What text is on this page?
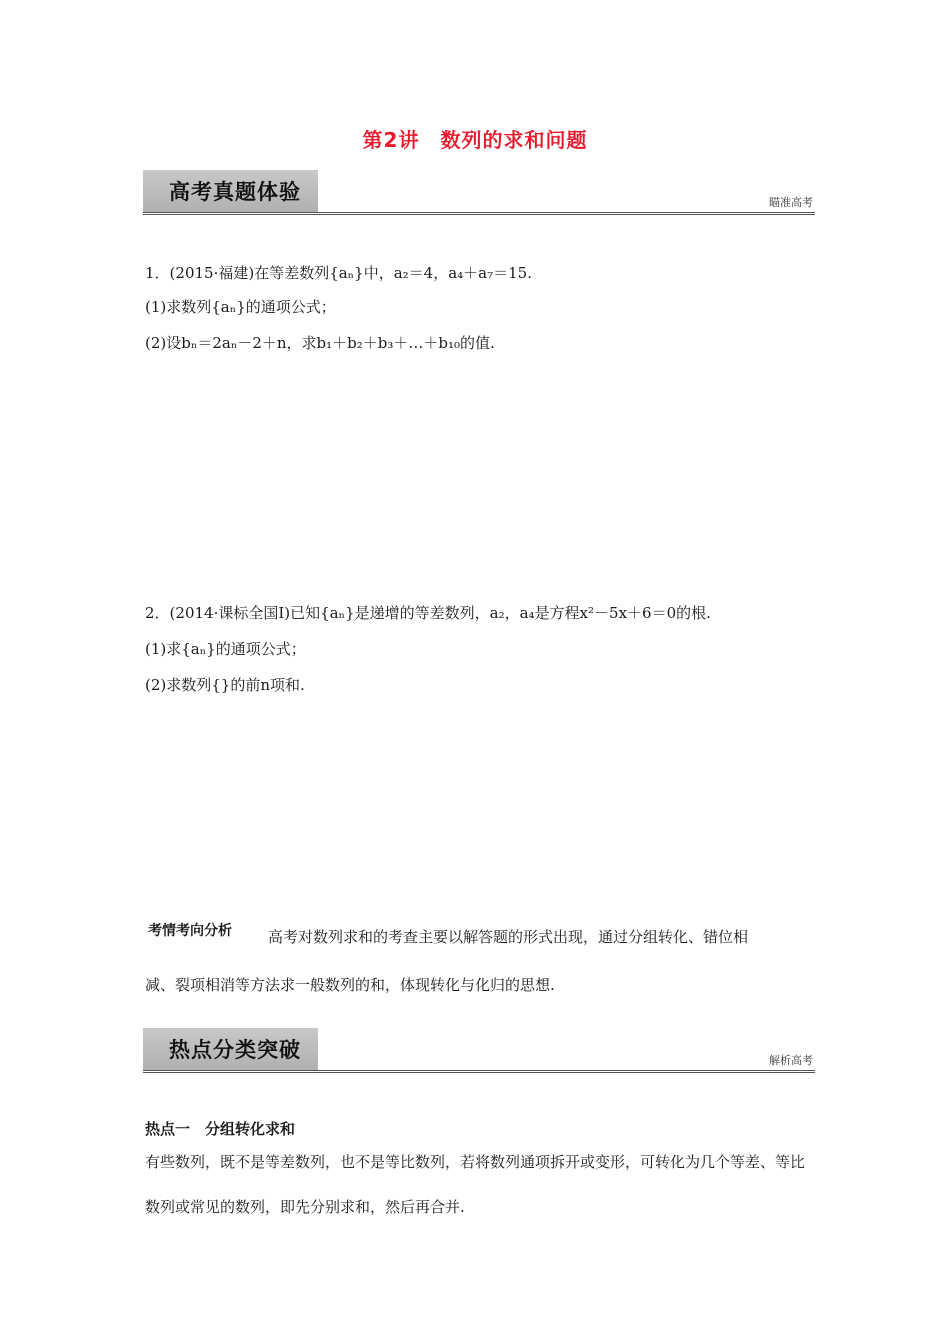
第2讲　数列的求和问题
高考真题体验	瞄准高考
1．(2015·福建)在等差数列{aₙ}中，a₂＝4，a₄＋a₇＝15.
(1)求数列{aₙ}的通项公式；
(2)设bₙ＝2aₙ－2＋n，求b₁＋b₂＋b₃＋…＋b₁₀的值.
2．(2014·课标全国Ⅰ)已知{aₙ}是递增的等差数列，a₂，a₄是方程x²－5x＋6＝0的根.
(1)求{aₙ}的通项公式；
(2)求数列{}的前n项和.
考情考向分析 高考对数列求和的考查主要以解答题的形式出现，通过分组转化、错位相
减、裂项相消等方法求一般数列的和，体现转化与化归的思想.
热点分类突破	解析高考
热点一　分组转化求和
有些数列，既不是等差数列，也不是等比数列，若将数列通项拆开或变形，可转化为几个等差、等比数列或常见的数列，即先分别求和，然后再合并.
